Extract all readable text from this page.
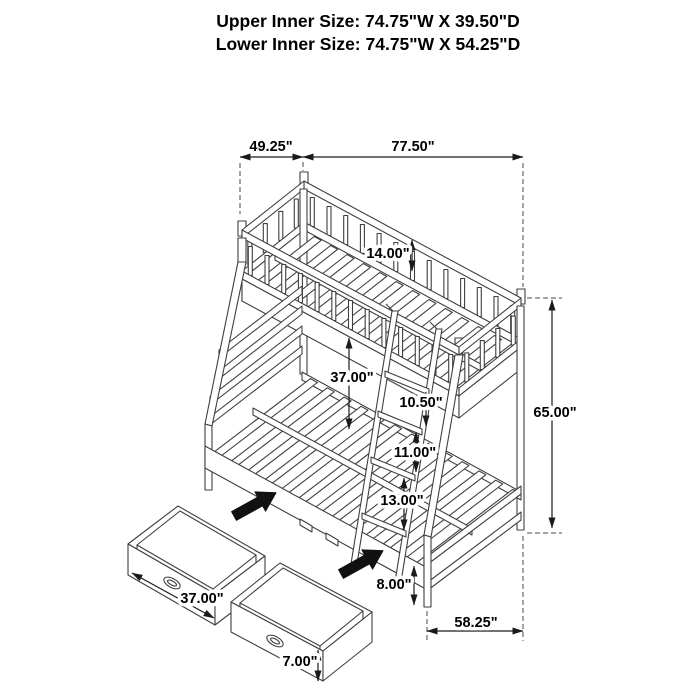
Upper Inner Size: 74.75"W X 39.50"D
Lower Inner Size: 74.75"W X 54.25"D
49.25"	77.50"
14.00"
37.00"
10.50"
11.00"
13.00"
65.00"
8.00"
58.25"
37.00"
7.00"
